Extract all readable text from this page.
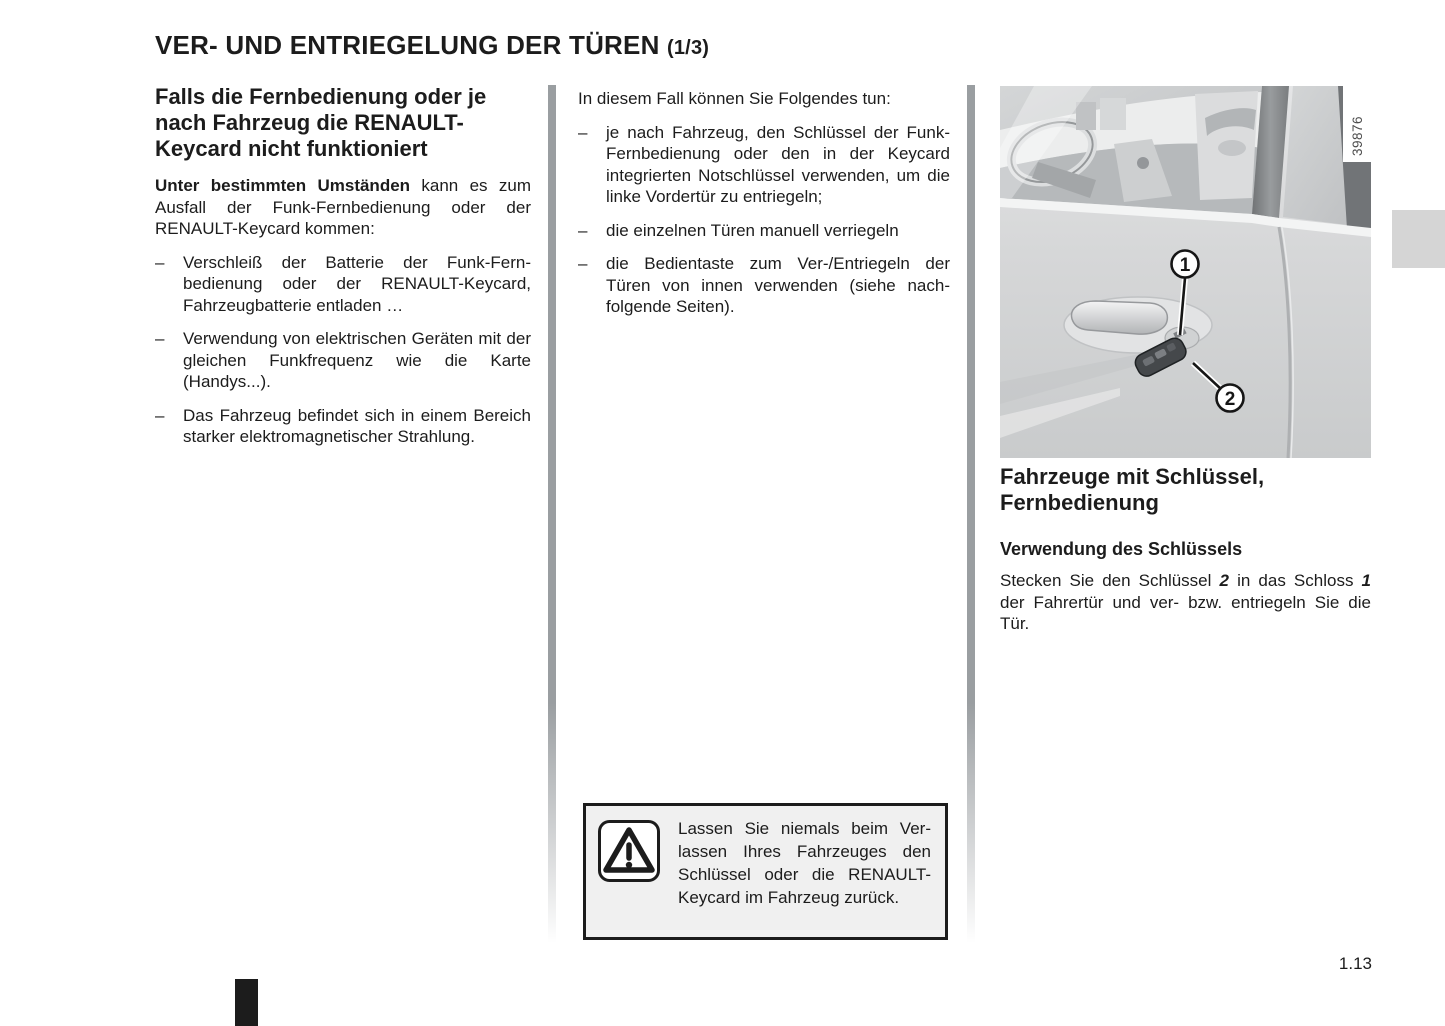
VER- UND ENTRIEGELUNG DER TÜREN (1/3)
Falls die Fernbedienung oder je nach Fahrzeug die RENAULT-Keycard nicht funktioniert

Unter bestimmten Umständen kann es zum Ausfall der Funk-Fernbedienung oder der RENAULT-Keycard kommen:

–	Verschleiß der Batterie der Funk-Fernbedienung oder der RENAULT-Keycard, Fahrzeugbatterie entladen …
–	Verwendung von elektrischen Geräten mit der gleichen Funkfrequenz wie die Karte (Handys...).
–	Das Fahrzeug befindet sich in einem Bereich starker elektromagnetischer Strahlung.

In diesem Fall können Sie Folgendes tun:

–	je nach Fahrzeug, den Schlüssel der Funk-Fernbedienung oder den in der Keycard integrierten Notschlüssel verwenden, um die linke Vordertür zu entriegeln;
–	die einzelnen Türen manuell verriegeln
–	die Bedientaste zum Ver-/Entriegeln der Türen von innen verwenden (siehe nachfolgende Seiten).
1
2
39876
Fahrzeuge mit Schlüssel, Fernbedienung
Verwendung des Schlüssels

Stecken Sie den Schlüssel 2 in das Schloss 1 der Fahrertür und ver- bzw. entriegeln Sie die Tür.

Lassen Sie niemals beim Verlassen Ihres Fahrzeuges den Schlüssel oder die RENAULT-Keycard im Fahrzeug zurück.
1.13
